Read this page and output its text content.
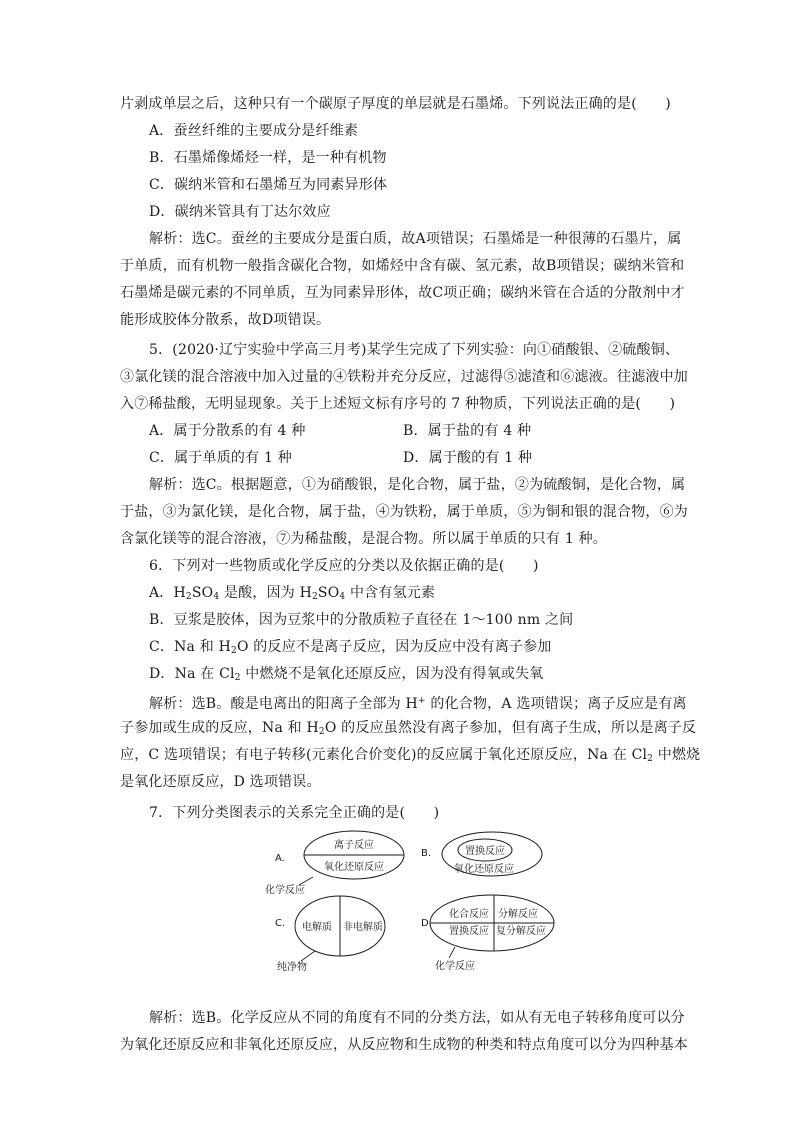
片剥成单层之后，这种只有一个碳原子厚度的单层就是石墨烯。下列说法正确的是(　　)
A．蚕丝纤维的主要成分是纤维素
B．石墨烯像烯烃一样，是一种有机物
C．碳纳米管和石墨烯互为同素异形体
D．碳纳米管具有丁达尔效应
解析：选C。蚕丝的主要成分是蛋白质，故A项错误；石墨烯是一种很薄的石墨片，属
于单质，而有机物一般指含碳化合物，如烯烃中含有碳、氢元素，故B项错误；碳纳米管和
石墨烯是碳元素的不同单质，互为同素异形体，故C项正确；碳纳米管在合适的分散剂中才
能形成胶体分散系，故D项错误。
5．(2020·辽宁实验中学高三月考)某学生完成了下列实验：向①硝酸银、②硫酸铜、
③氯化镁的混合溶液中加入过量的④铁粉并充分反应，过滤得⑤滤渣和⑥滤液。往滤液中加
入⑦稀盐酸，无明显现象。关于上述短文标有序号的 7 种物质，下列说法正确的是(　　)
A．属于分散系的有 4 种	B．属于盐的有 4 种
C．属于单质的有 1 种	D．属于酸的有 1 种
解析：选C。根据题意，①为硝酸银，是化合物，属于盐，②为硫酸铜，是化合物，属
于盐，③为氯化镁，是化合物，属于盐，④为铁粉，属于单质，⑤为铜和银的混合物，⑥为
含氯化镁等的混合溶液，⑦为稀盐酸，是混合物。所以属于单质的只有 1 种。
6．下列对一些物质或化学反应的分类以及依据正确的是(　　)
A．$H_2SO_4$ 是酸，因为 $H_2SO_4$ 中含有氢元素
B．豆浆是胶体，因为豆浆中的分散质粒子直径在 1～100 nm 之间
C．Na 和 $H_2O$ 的反应不是离子反应，因为反应中没有离子参加
D．Na 在 $Cl_2$ 中燃烧不是氧化还原反应，因为没有得氧或失氧
解析：选B。酸是电离出的阳离子全部为 H+ 的化合物，A 选项错误；离子反应是有离
子参加或生成的反应，Na 和 $H_2O$ 的反应虽然没有离子参加，但有离子生成，所以是离子反
应，C 选项错误；有电子转移(元素化合价变化)的反应属于氧化还原反应，Na 在 $Cl_2$ 中燃烧
是氧化还原反应，D 选项错误。
7．下列分类图表示的关系完全正确的是(　　)
A.
离子反应
氧化还原反应
化学反应
B.	置换反应
氧化还原反应
C. 电解质 非电解质
纯净物
D.
化合反应 分解反应
置换反应 复分解反应
化学反应
解析：选B。化学反应从不同的角度有不同的分类方法，如从有无电子转移角度可以分
为氧化还原反应和非氧化还原反应，从反应物和生成物的种类和特点角度可以分为四种基本
